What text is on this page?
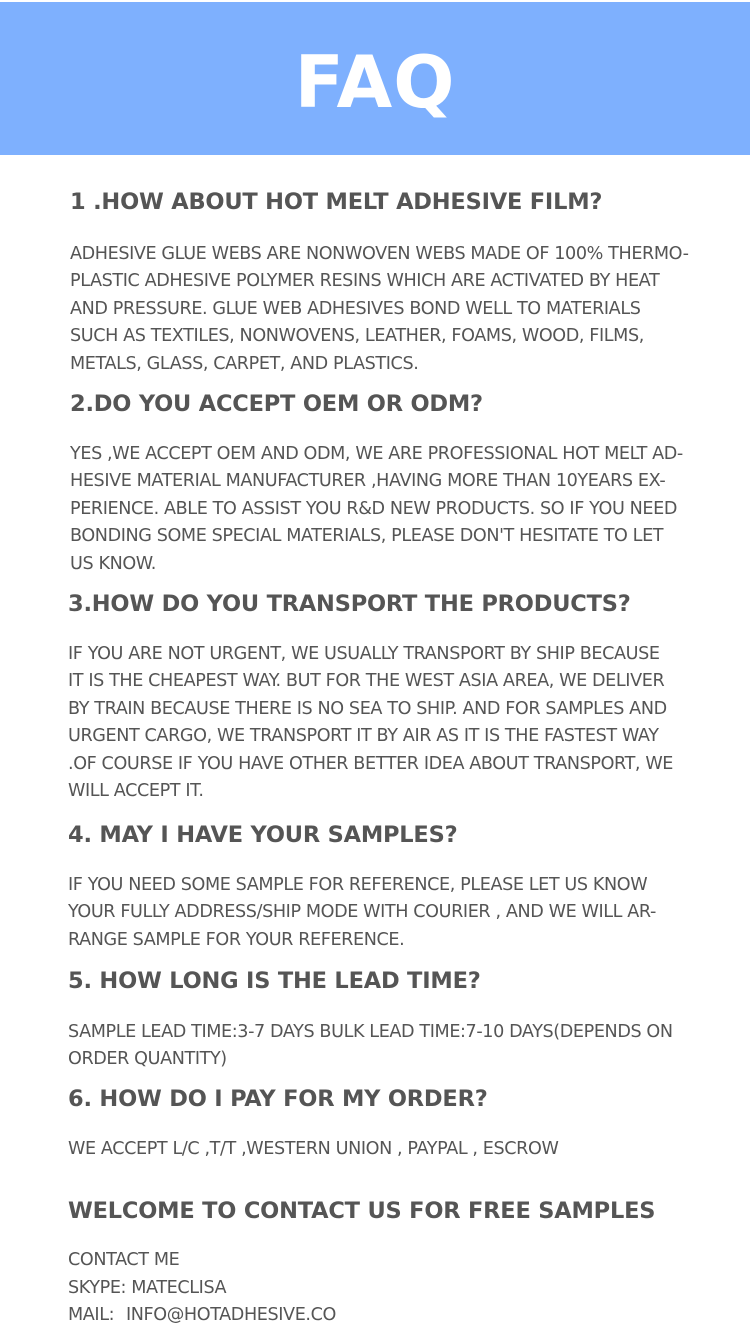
FAQ
1 .HOW ABOUT HOT MELT ADHESIVE FILM?
ADHESIVE GLUE WEBS ARE NONWOVEN WEBS MADE OF 100% THERMO-
PLASTIC ADHESIVE POLYMER RESINS WHICH ARE ACTIVATED BY HEAT
AND PRESSURE. GLUE WEB ADHESIVES BOND WELL TO MATERIALS
SUCH AS TEXTILES, NONWOVENS, LEATHER, FOAMS, WOOD, FILMS,
METALS, GLASS, CARPET, AND PLASTICS.
2.DO YOU ACCEPT OEM OR ODM?
YES ,WE ACCEPT OEM AND ODM, WE ARE PROFESSIONAL HOT MELT AD-
HESIVE MATERIAL MANUFACTURER ,HAVING MORE THAN 10YEARS EX-
PERIENCE. ABLE TO ASSIST YOU R&D NEW PRODUCTS. SO IF YOU NEED
BONDING SOME SPECIAL MATERIALS, PLEASE DON'T HESITATE TO LET
US KNOW.
3.HOW DO YOU TRANSPORT THE PRODUCTS?
IF YOU ARE NOT URGENT, WE USUALLY TRANSPORT BY SHIP BECAUSE
IT IS THE CHEAPEST WAY. BUT FOR THE WEST ASIA AREA, WE DELIVER
BY TRAIN BECAUSE THERE IS NO SEA TO SHIP. AND FOR SAMPLES AND
URGENT CARGO, WE TRANSPORT IT BY AIR AS IT IS THE FASTEST WAY
.OF COURSE IF YOU HAVE OTHER BETTER IDEA ABOUT TRANSPORT, WE
WILL ACCEPT IT.
4. MAY I HAVE YOUR SAMPLES?
IF YOU NEED SOME SAMPLE FOR REFERENCE, PLEASE LET US KNOW
YOUR FULLY ADDRESS/SHIP MODE WITH COURIER , AND WE WILL AR-
RANGE SAMPLE FOR YOUR REFERENCE.
5. HOW LONG IS THE LEAD TIME?
SAMPLE LEAD TIME:3-7 DAYS BULK LEAD TIME:7-10 DAYS(DEPENDS ON
ORDER QUANTITY)
6. HOW DO I PAY FOR MY ORDER?
WE ACCEPT L/C ,T/T ,WESTERN UNION , PAYPAL , ESCROW
WELCOME TO CONTACT US FOR FREE SAMPLES
CONTACT ME
SKYPE: MATECLISA
MAIL: INFO@HOTADHESIVE.CO
